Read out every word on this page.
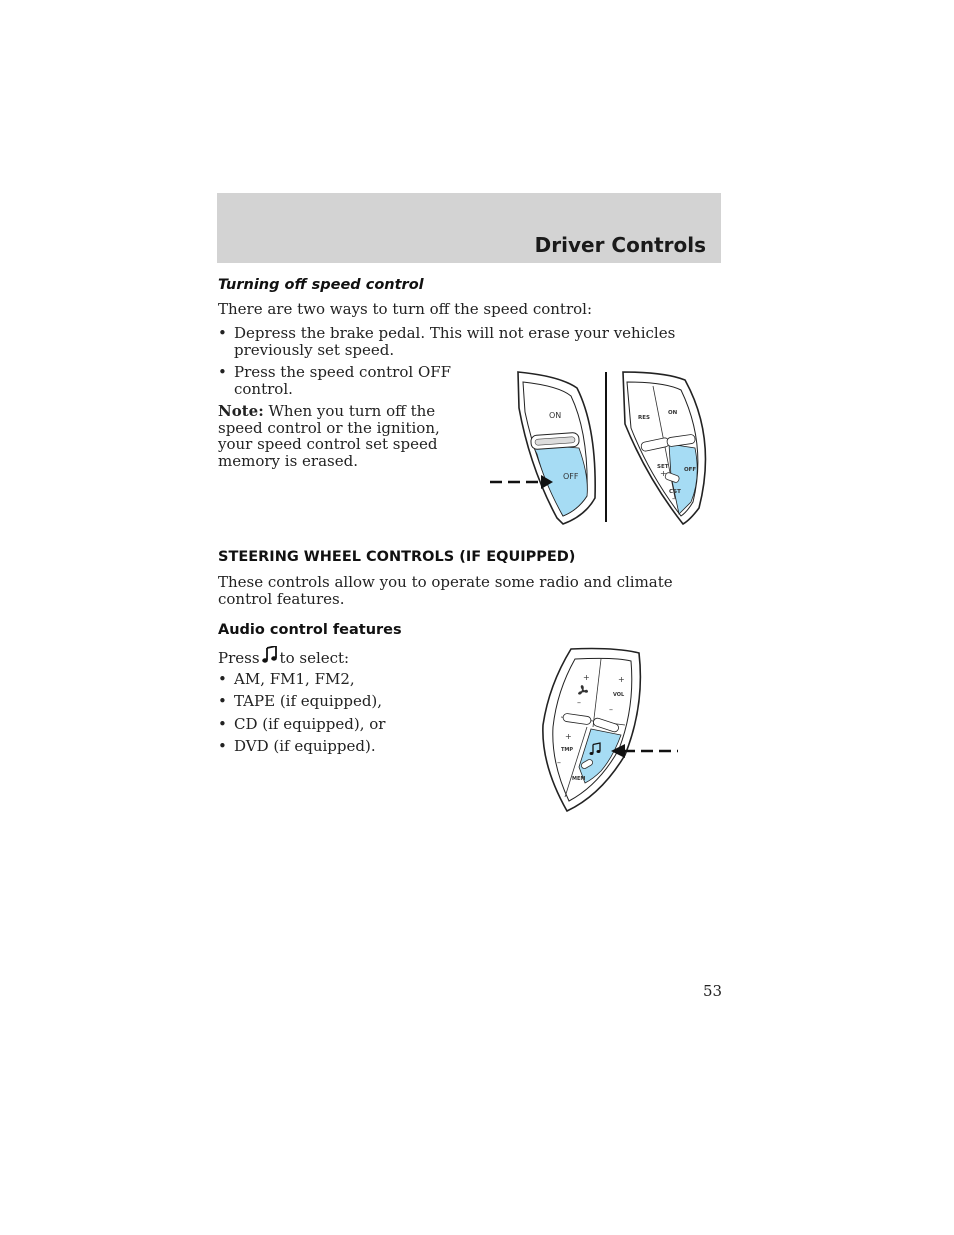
Driver Controls
Turning off speed control
There are two ways to turn off the speed control:
• Depress the brake pedal. This will not erase your vehicles previously set speed.
• Press the speed control OFF control.
Note: When you turn off the speed control or the ignition, your speed control set speed memory is erased.
ON
OFF
RES
ON
SET
+	OFF
CST
–
STEERING WHEEL CONTROLS (IF EQUIPPED)
These controls allow you to operate some radio and climate control features.
Audio control features
Press to select:
• AM, FM1, FM2,
• TAPE (if equipped),
• CD (if equipped), or
• DVD (if equipped).
+
–
+
VOL
–
+
TMP
–
MEM
53
